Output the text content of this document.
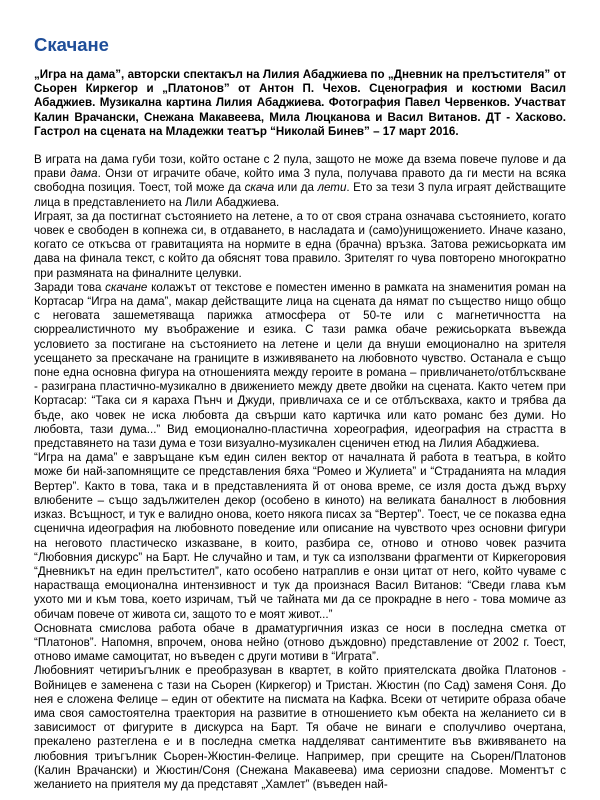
Скачане

„Игра на дама”, авторски спектакъл на Лилия Абаджиева по „Дневник на прелъстителя” от Сьорен Киркегор и „Платонов” от Антон П. Чехов. Сценография и костюми Васил Абаджиев. Музикална картина Лилия Абаджиева. Фотография Павел Червенков. Участват Калин Врачански, Снежана Макавеева, Мила Люцканова и Васил Витанов. ДТ - Хасково. Гастрол на сцената на Младежки театър “Николай Бинев” – 17 март 2016.

В играта на дама губи този, който остане с 2 пула, защото не може да взема повече пулове и да прави дама. Онзи от играчите обаче, който има 3 пула, получава правото да ги мести на всяка свободна позиция. Тоест, той може да скача или да лети. Ето за тези 3 пула играят действащите лица в представлението на Лили Абаджиева.

Играят, за да постигнат състоянието на летене, а то от своя страна означава състоянието, когато човек е свободен в копнежа си, в отдаването, в насладата и (само)унищожението. Иначе казано, когато се откъсва от гравитацията на нормите в една (брачна) връзка. Затова режисьорката им дава на финала текст, с който да обяснят това правило. Зрителят го чува повторено многократно при размяната на финалните целувки.

Заради това скачане колажът от текстове е поместен именно в рамката на знаменития роман на Кортасар “Игра на дама”, макар действащите лица на сцената да нямат по същество нищо общо с неговата зашеметяваща парижка атмосфера от 50-те или с магнетичността на сюрреалистичното му въображение и езика. С тази рамка обаче режисьорката въвежда условието за постигане на състоянието на летене и цели да внуши емоционално на зрителя усещането за прескачане на границите в изживяването на любовното чувство. Останала е също поне една основна фигура на отношенията между героите в романа – привличането/отблъскване - разиграна пластично-музикално в движението между двете двойки на сцената. Както четем при Кортасар: “Така си я караха Пънч и Джуди, привличаха се и се отблъскваха, както и трябва да бъде, ако човек не иска любовта да свърши като картичка или като романс без думи. Но любовта, тази дума...” Вид емоционално-пластична хореография, идеография на страстта в представянето на тази дума е този визуално-музикален сценичен етюд на Лилия Абаджиева.

“Игра на дама” е завръщане към един силен вектор от началната й работа в театъра, в който може би най-запомнящите се представления бяха “Ромео и Жулиета” и “Страданията на младия Вертер”. Както в това, така и в представленията й от онова време, се изля доста дъжд върху влюбените – също задължителен декор (особено в киното) на великата баналност в любовния изказ. Всъщност, и тук е валидно онова, което някога писах за “Вертер”. Тоест, че се показва една сценична идеография на любовното поведение или описание на чувството чрез основни фигури на неговото пластическо изказване, в които, разбира се, отново и отново човек разчита “Любовния дискурс” на Барт. Не случайно и там, и тук са използвани фрагменти от Киркегоровия “Дневникът на един прелъстител”, като особено натраплив е онзи цитат от него, който чуваме с нарастваща емоционална интензивност и тук да произнася Васил Витанов: “Сведи глава към ухото ми и към това, което изричам, тъй че тайната ми да се прокрадне в него - това момиче аз обичам повече от живота си, защото то е моят живот...”

Основната смислова работа обаче в драматургичния изказ се носи в последна сметка от “Платонов”. Напомня, впрочем, онова нейно (отново дъждовно) представление от 2002 г. Тоест, отново имаме самоцитат, но въведен с други мотиви в “Играта”.

Любовният четириъгълник е преобразуван в квартет, в който приятелската двойка Платонов - Войницев е заменена с тази на Сьорен (Киркегор) и Тристан. Жюстин (по Сад) заменя Соня. До нея е сложена Фелице – един от обектите на писмата на Кафка. Всеки от четирите образа обаче има своя самостоятелна траектория на развитие в отношението към обекта на желанието си в зависимост от фигурите в дискурса на Барт. Тя обаче не винаги е сполучливо очертана, прекалено разтеглена е и в последна сметка надделяват сантиментите във вживяването на любовния триъгълник Сьорен-Жюстин-Фелице. Например, при срещите на Сьорен/Платонов (Калин Врачански) и Жюстин/Соня (Снежана Макавеева) има сериозни спадове. Моментът с желанието на приятеля му да представят „Хамлет” (въведен най-
